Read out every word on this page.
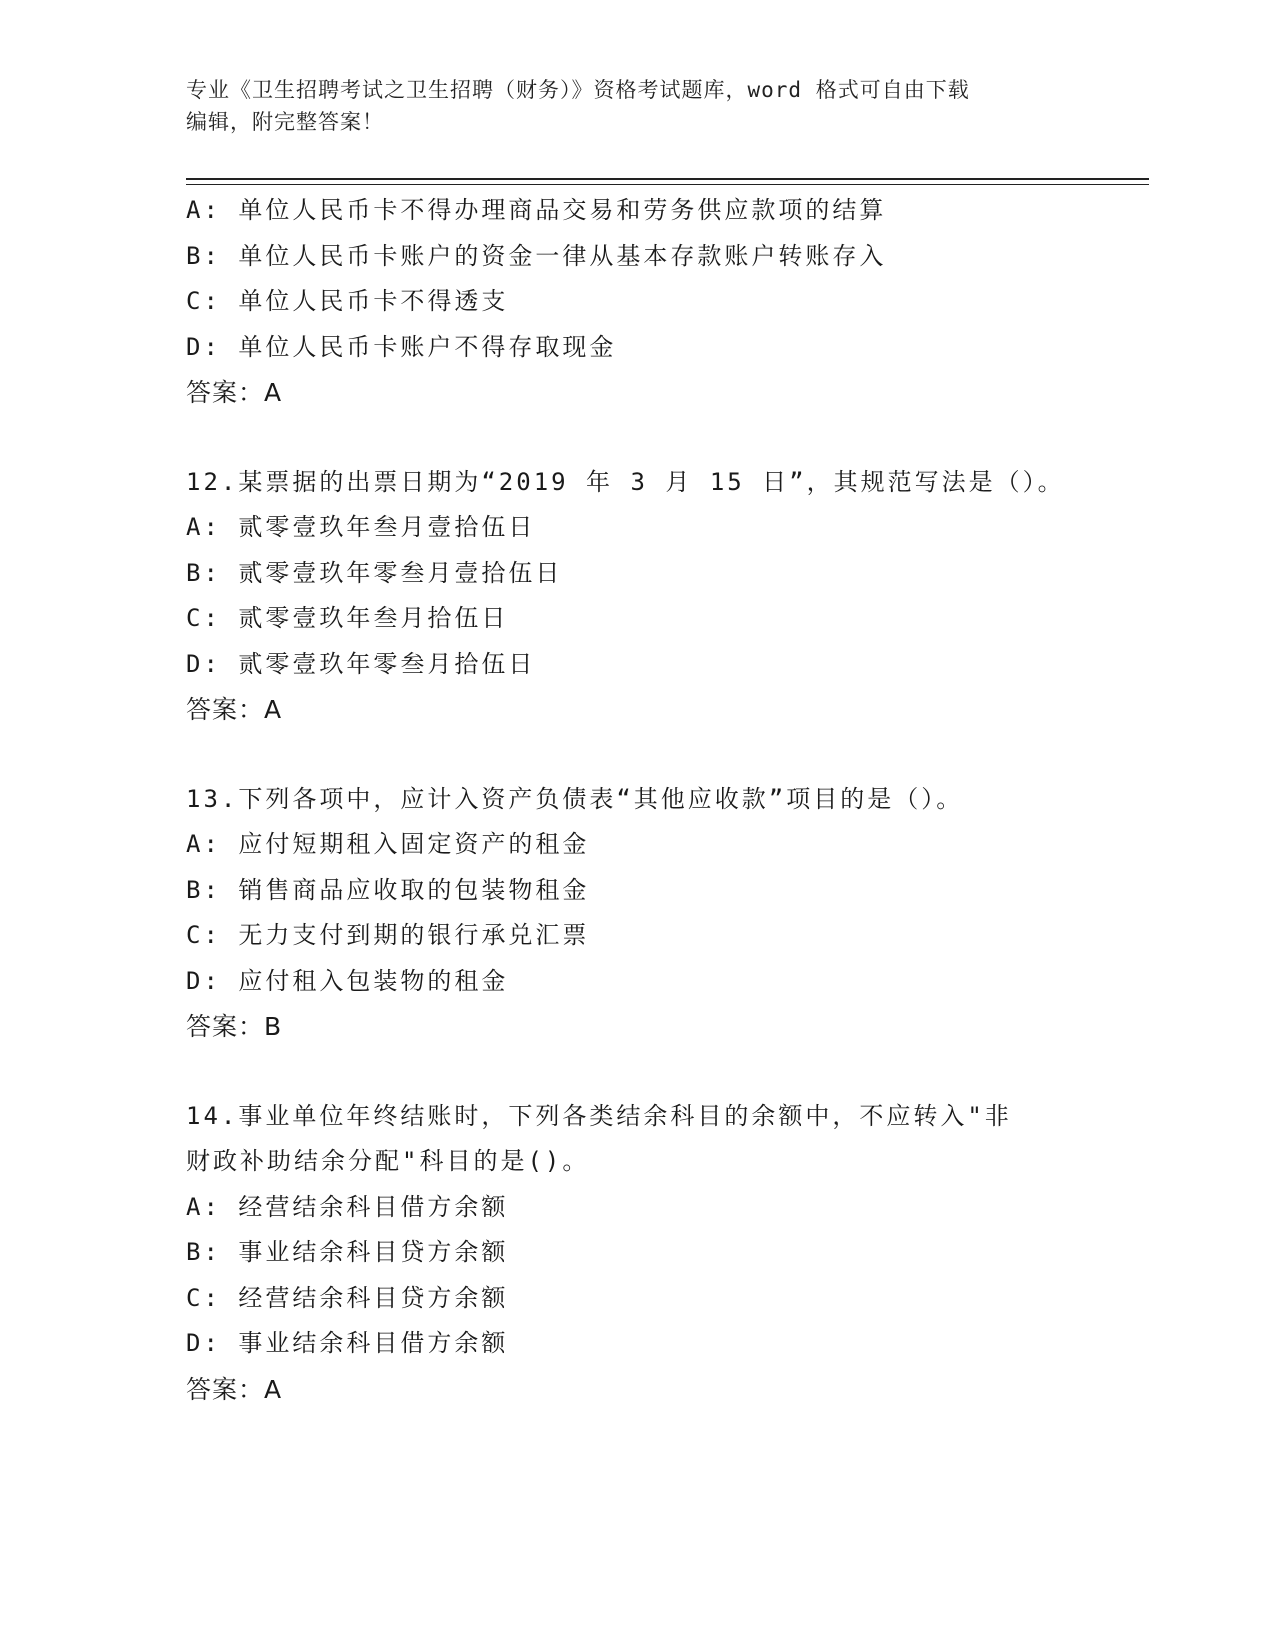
专业《卫生招聘考试之卫生招聘（财务）》资格考试题库，word 格式可自由下载
编辑，附完整答案！
A: 单位人民币卡不得办理商品交易和劳务供应款项的结算
B: 单位人民币卡账户的资金一律从基本存款账户转账存入
C: 单位人民币卡不得透支
D: 单位人民币卡账户不得存取现金
答案：A
12.某票据的出票日期为“2019 年 3 月 15 日”，其规范写法是（）。
A: 贰零壹玖年叁月壹拾伍日
B: 贰零壹玖年零叁月壹拾伍日
C: 贰零壹玖年叁月拾伍日
D: 贰零壹玖年零叁月拾伍日
答案：A
13.下列各项中，应计入资产负债表“其他应收款”项目的是（）。
A: 应付短期租入固定资产的租金
B: 销售商品应收取的包装物租金
C: 无力支付到期的银行承兑汇票
D: 应付租入包装物的租金
答案：B
14.事业单位年终结账时，下列各类结余科目的余额中，不应转入"非
财政补助结余分配"科目的是()。
A: 经营结余科目借方余额
B: 事业结余科目贷方余额
C: 经营结余科目贷方余额
D: 事业结余科目借方余额
答案：A
